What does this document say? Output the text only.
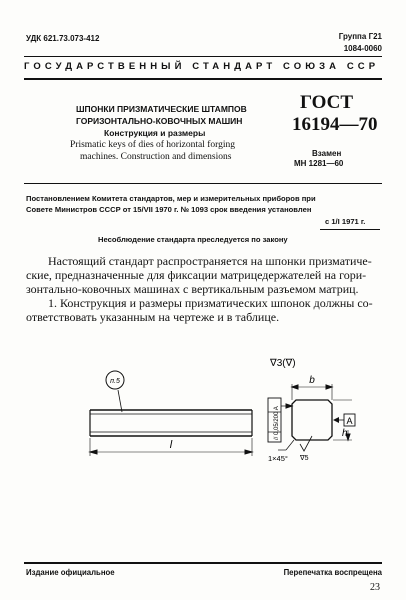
УДК 621.73.073-412	Группа Г21
1084-0060
ГОСУДАРСТВЕННЫЙ СТАНДАРТ СОЮЗА ССР
ШПОНКИ ПРИЗМАТИЧЕСКИЕ ШТАМПОВ
ГОРИЗОНТАЛЬНО-КОВОЧНЫХ МАШИН
Конструкция и размеры
Prismatic keys of dies of horizontal forging
machines. Construction and dimensions
ГОСТ
16194—70
Взамен
МН 1281—60
Постановлением Комитета стандартов, мер и измерительных приборов при
Совете Министров СССР от 15/VII 1970 г. № 1093 срок введения установлен
с 1/I 1971 г.
Несоблюдение стандарта преследуется по закону

Настоящий стандарт распространяется на шпонки призматиче-

ские, предназначенные для фиксации матрицедержателей на гори-

зонтально-ковочных машинах с вертикальным разъемом матриц.

1. Конструкция и размеры призматических шпонок должны со-

ответствовать указанным на чертеже и в таблице.

п.5
l
∇3(∇)
b
A
// 0,05/200 A	h
1×45° ∇5
Издание официальное	Перепечатка воспрещена
23
